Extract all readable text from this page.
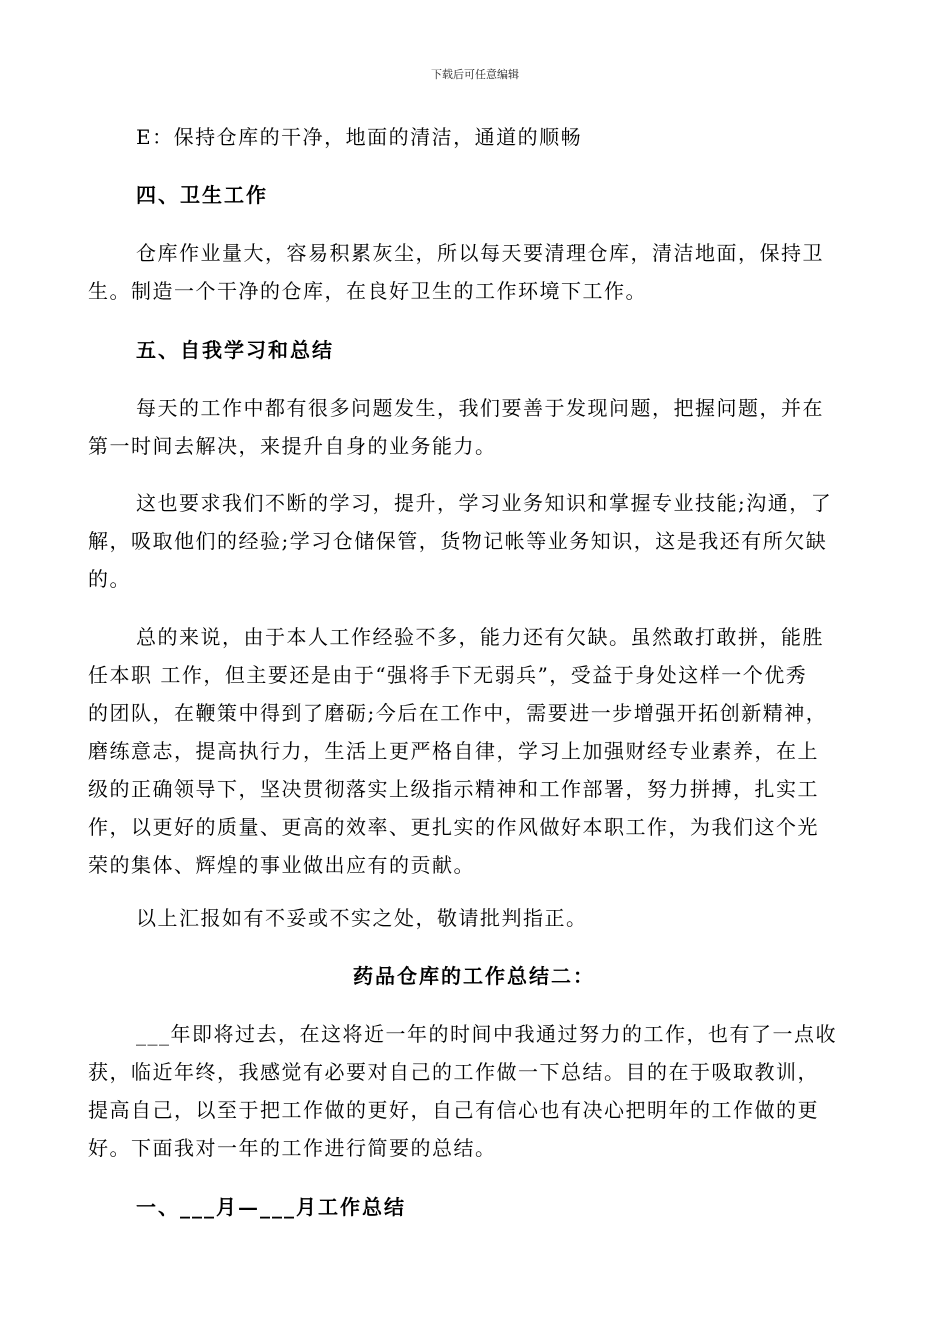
下载后可任意编辑

E：保持仓库的干净，地面的清洁，通道的顺畅

四、卫生工作

仓库作业量大，容易积累灰尘，所以每天要清理仓库，清洁地面，保持卫
生。制造一个干净的仓库，在良好卫生的工作环境下工作。

五、自我学习和总结

每天的工作中都有很多问题发生，我们要善于发现问题，把握问题，并在
第一时间去解决，来提升自身的业务能力。

这也要求我们不断的学习，提升，学习业务知识和掌握专业技能;沟通，了
解，吸取他们的经验;学习仓储保管，货物记帐等业务知识，这是我还有所欠缺
的。

总的来说，由于本人工作经验不多，能力还有欠缺。虽然敢打敢拼，能胜
任本职 工作，但主要还是由于“强将手下无弱兵”，受益于身处这样一个优秀
的团队，在鞭策中得到了磨砺;今后在工作中，需要进一步增强开拓创新精神，
磨练意志，提高执行力，生活上更严格自律，学习上加强财经专业素养，在上
级的正确领导下，坚决贯彻落实上级指示精神和工作部署，努力拼搏，扎实工
作，以更好的质量、更高的效率、更扎实的作风做好本职工作，为我们这个光
荣的集体、辉煌的事业做出应有的贡献。

以上汇报如有不妥或不实之处，敬请批判指正。

药品仓库的工作总结二：

___年即将过去，在这将近一年的时间中我通过努力的工作，也有了一点收
获，临近年终，我感觉有必要对自己的工作做一下总结。目的在于吸取教训，
提高自己，以至于把工作做的更好，自己有信心也有决心把明年的工作做的更
好。下面我对一年的工作进行简要的总结。

一、___月—___月工作总结
